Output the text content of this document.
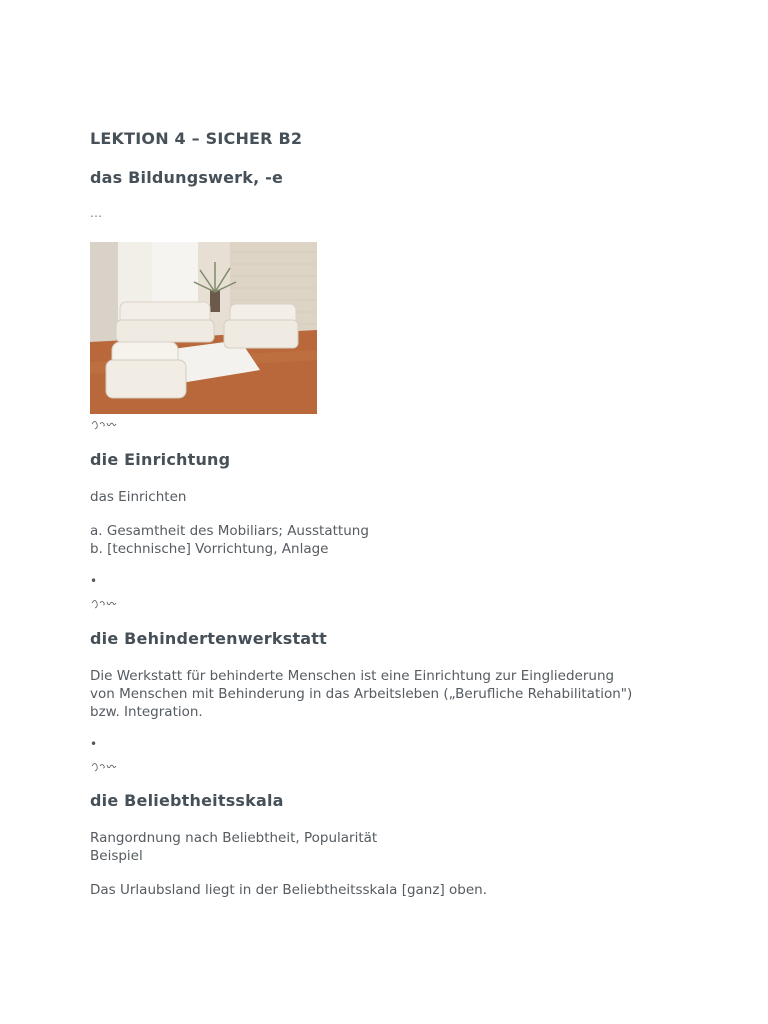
LEKTION 4 – SICHER B2
das Bildungswerk, -e
…
die Einrichtung

das Einrichten

a. Gesamtheit des Mobiliars; Ausstattung

b. [technische] Vorrichtung, Anlage

•
die Behindertenwerkstatt

Die Werkstatt für behinderte Menschen ist eine Einrichtung zur Eingliederung

von Menschen mit Behinderung in das Arbeitsleben („Berufliche Rehabilitation")

bzw. Integration.

•
die Beliebtheitsskala

Rangordnung nach Beliebtheit, Popularität

Beispiel

Das Urlaubsland liegt in der Beliebtheitsskala [ganz] oben.
